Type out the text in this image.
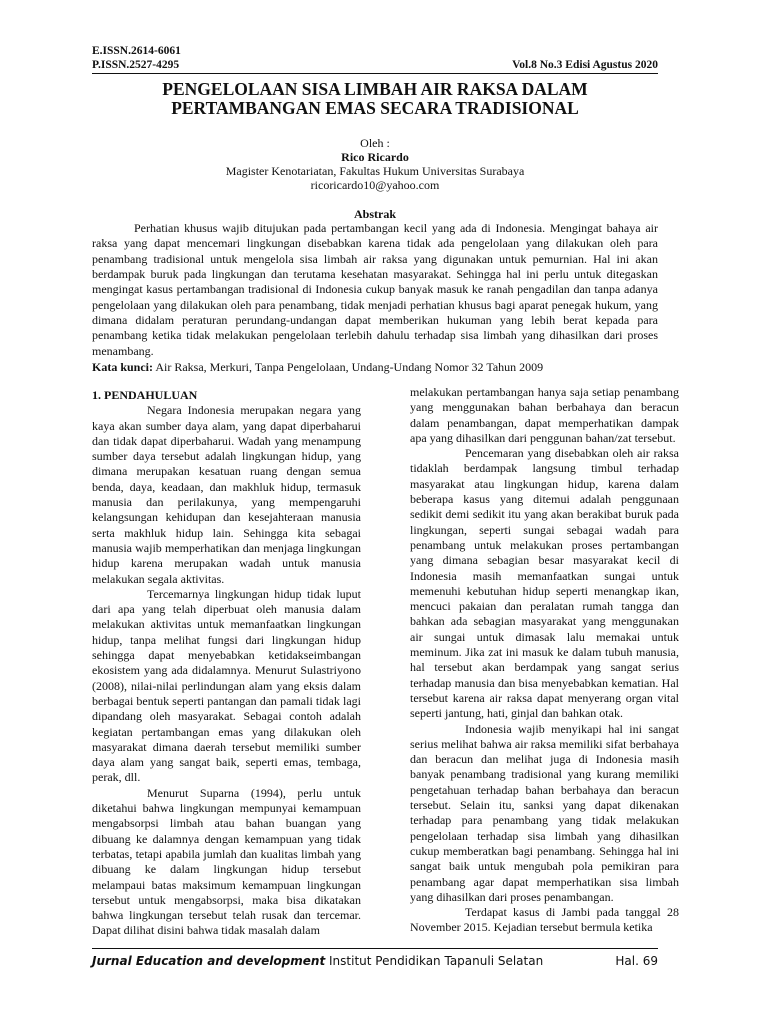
E.ISSN.2614-6061
P.ISSN.2527-4295	Vol.8 No.3 Edisi Agustus 2020
PENGELOLAAN SISA LIMBAH AIR RAKSA DALAM
PERTAMBANGAN EMAS SECARA TRADISIONAL
Oleh :
Rico Ricardo
Magister Kenotariatan, Fakultas Hukum Universitas Surabaya
ricoricardo10@yahoo.com
Abstrak
Perhatian khusus wajib ditujukan pada pertambangan kecil yang ada di Indonesia. Mengingat bahaya air raksa yang dapat mencemari lingkungan disebabkan karena tidak ada pengelolaan yang dilakukan oleh para penambang tradisional untuk mengelola sisa limbah air raksa yang digunakan untuk pemurnian. Hal ini akan berdampak buruk pada lingkungan dan terutama kesehatan masyarakat. Sehingga hal ini perlu untuk ditegaskan mengingat kasus pertambangan tradisional di Indonesia cukup banyak masuk ke ranah pengadilan dan tanpa adanya pengelolaan yang dilakukan oleh para penambang, tidak menjadi perhatian khusus bagi aparat penegak hukum, yang dimana didalam peraturan perundang-undangan dapat memberikan hukuman yang lebih berat kepada para penambang ketika tidak melakukan pengelolaan terlebih dahulu terhadap sisa limbah yang dihasilkan dari proses menambang.
Kata kunci: Air Raksa, Merkuri, Tanpa Pengelolaan, Undang-Undang Nomor 32 Tahun 2009

1. PENDAHULUAN

Negara Indonesia merupakan negara yang kaya akan sumber daya alam, yang dapat diperbaharui dan tidak dapat diperbaharui. Wadah yang menampung sumber daya tersebut adalah lingkungan hidup, yang dimana merupakan kesatuan ruang dengan semua benda, daya, keadaan, dan makhluk hidup, termasuk manusia dan perilakunya, yang mempengaruhi kelangsungan kehidupan dan kesejahteraan manusia serta makhluk hidup lain. Sehingga kita sebagai manusia wajib memperhatikan dan menjaga lingkungan hidup karena merupakan wadah untuk manusia melakukan segala aktivitas.

Tercemarnya lingkungan hidup tidak luput dari apa yang telah diperbuat oleh manusia dalam melakukan aktivitas untuk memanfaatkan lingkungan hidup, tanpa melihat fungsi dari lingkungan hidup sehingga dapat menyebabkan ketidakseimbangan ekosistem yang ada didalamnya. Menurut Sulastriyono (2008), nilai-nilai perlindungan alam yang eksis dalam berbagai bentuk seperti pantangan dan pamali tidak lagi dipandang oleh masyarakat. Sebagai contoh adalah kegiatan pertambangan emas yang dilakukan oleh masyarakat dimana daerah tersebut memiliki sumber daya alam yang sangat baik, seperti emas, tembaga, perak, dll.

Menurut Suparna (1994), perlu untuk diketahui bahwa lingkungan mempunyai kemampuan mengabsorpsi limbah atau bahan buangan yang dibuang ke dalamnya dengan kemampuan yang tidak terbatas, tetapi apabila jumlah dan kualitas limbah yang dibuang ke dalam lingkungan hidup tersebut melampaui batas maksimum kemampuan lingkungan tersebut untuk mengabsorpsi, maka bisa dikatakan bahwa lingkungan tersebut telah rusak dan tercemar. Dapat dilihat disini bahwa tidak masalah dalam

melakukan pertambangan hanya saja setiap penambang yang menggunakan bahan berbahaya dan beracun dalam penambangan, dapat memperhatikan dampak apa yang dihasilkan dari penggunan bahan/zat tersebut.

Pencemaran yang disebabkan oleh air raksa tidaklah berdampak langsung timbul terhadap masyarakat atau lingkungan hidup, karena dalam beberapa kasus yang ditemui adalah penggunaan sedikit demi sedikit itu yang akan berakibat buruk pada lingkungan, seperti sungai sebagai wadah para penambang untuk melakukan proses pertambangan yang dimana sebagian besar masyarakat kecil di Indonesia masih memanfaatkan sungai untuk memenuhi kebutuhan hidup seperti menangkap ikan, mencuci pakaian dan peralatan rumah tangga dan bahkan ada sebagian masyarakat yang menggunakan air sungai untuk dimasak lalu memakai untuk meminum. Jika zat ini masuk ke dalam tubuh manusia, hal tersebut akan berdampak yang sangat serius terhadap manusia dan bisa menyebabkan kematian. Hal tersebut karena air raksa dapat menyerang organ vital seperti jantung, hati, ginjal dan bahkan otak.

Indonesia wajib menyikapi hal ini sangat serius melihat bahwa air raksa memiliki sifat berbahaya dan beracun dan melihat juga di Indonesia masih banyak penambang tradisional yang kurang memiliki pengetahuan terhadap bahan berbahaya dan beracun tersebut. Selain itu, sanksi yang dapat dikenakan terhadap para penambang yang tidak melakukan pengelolaan terhadap sisa limbah yang dihasilkan cukup memberatkan bagi penambang. Sehingga hal ini sangat baik untuk mengubah pola pemikiran para penambang agar dapat memperhatikan sisa limbah yang dihasilkan dari proses penambangan.

Terdapat kasus di Jambi pada tanggal 28 November 2015. Kejadian tersebut bermula ketika

Jurnal Education and development Institut Pendidikan Tapanuli Selatan	Hal. 69
